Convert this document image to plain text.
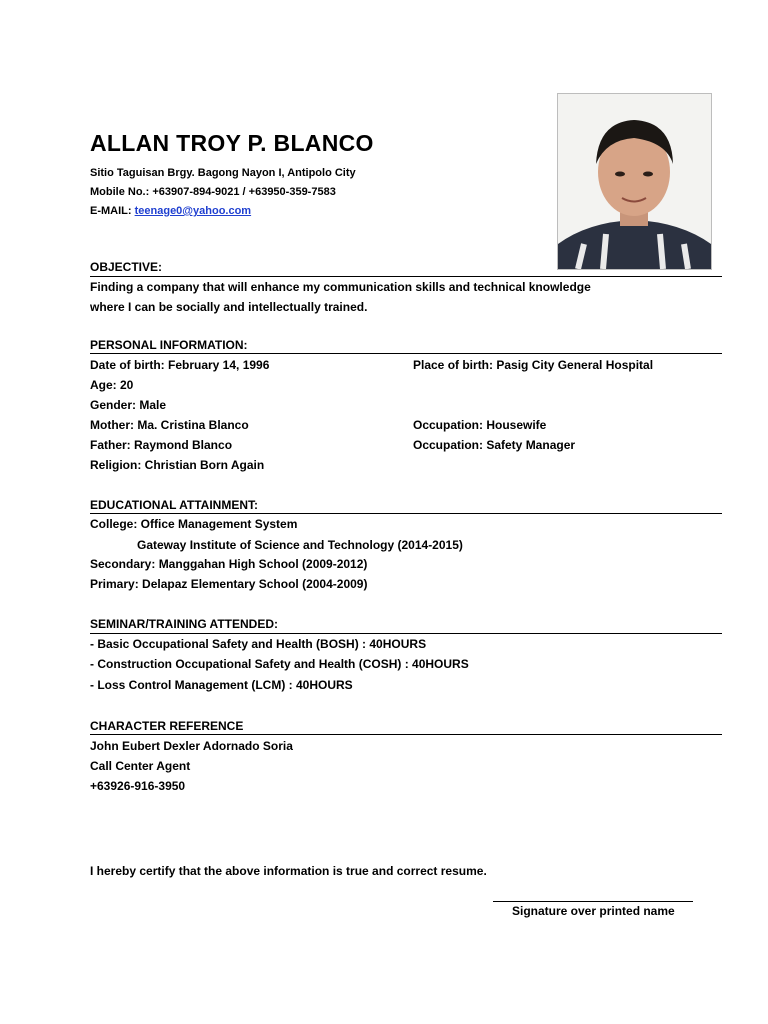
ALLAN TROY P. BLANCO
Sitio Taguisan Brgy. Bagong Nayon I, Antipolo City
Mobile No.: +63907-894-9021 / +63950-359-7583
E-MAIL: teenage0@yahoo.com
OBJECTIVE:
Finding a company that will enhance my communication skills and technical knowledge
where I can be socially and intellectually trained.
PERSONAL INFORMATION:
Date of birth: February 14, 1996	Place of birth: Pasig City General Hospital
Age: 20
Gender: Male
Mother: Ma. Cristina Blanco	Occupation: Housewife
Father: Raymond Blanco	Occupation: Safety Manager
Religion: Christian Born Again
EDUCATIONAL ATTAINMENT:
College: Office Management System
Gateway Institute of Science and Technology (2014-2015)
Secondary: Manggahan High School (2009-2012)
Primary: Delapaz Elementary School (2004-2009)
SEMINAR/TRAINING ATTENDED:
- Basic Occupational Safety and Health (BOSH) : 40HOURS
- Construction Occupational Safety and Health (COSH) : 40HOURS
- Loss Control Management (LCM) : 40HOURS
CHARACTER REFERENCE
John Eubert Dexler Adornado Soria
Call Center Agent
+63926-916-3950
I hereby certify that the above information is true and correct resume.
Signature over printed name
